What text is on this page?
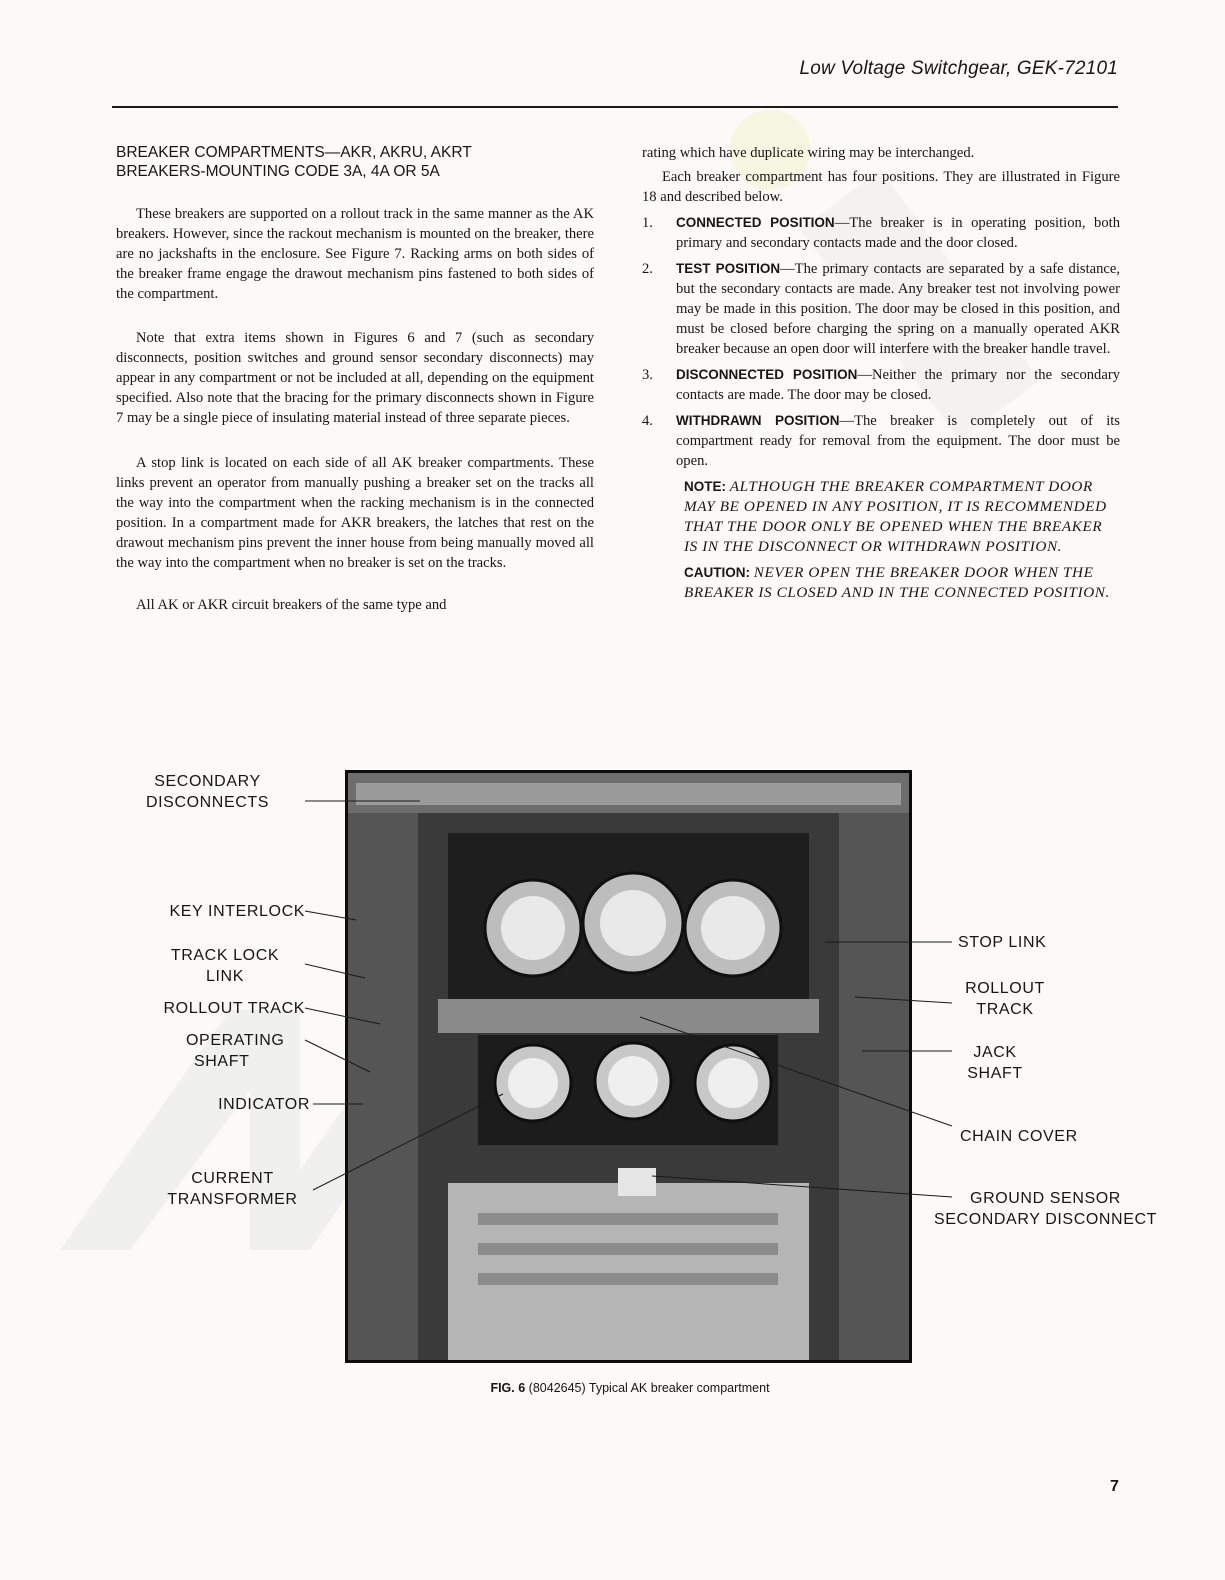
Low Voltage Switchgear, GEK-72101

BREAKER COMPARTMENTS—AKR, AKRU, AKRT

BREAKERS-MOUNTING CODE 3A, 4A OR 5A

These breakers are supported on a rollout track in the same manner as the AK breakers. However, since the rackout mechanism is mounted on the breaker, there are no jackshafts in the enclosure. See Figure 7. Racking arms on both sides of the breaker frame engage the drawout mechanism pins fastened to both sides of the compartment.

Note that extra items shown in Figures 6 and 7 (such as secondary disconnects, position switches and ground sensor secondary disconnects) may appear in any compartment or not be included at all, depending on the equipment specified. Also note that the bracing for the primary disconnects shown in Figure 7 may be a single piece of insulating material instead of three separate pieces.

A stop link is located on each side of all AK breaker compartments. These links prevent an operator from manually pushing a breaker set on the tracks all the way into the compartment when the racking mechanism is in the connected position. In a compartment made for AKR breakers, the latches that rest on the drawout mechanism pins prevent the inner house from being manually moved all the way into the compartment when no breaker is set on the tracks.

All AK or AKR circuit breakers of the same type and

rating which have duplicate wiring may be interchanged.

Each breaker compartment has four positions. They are illustrated in Figure 18 and described below.

1.	CONNECTED POSITION—The breaker is in operating position, both primary and secondary contacts made and the door closed.

2.	TEST POSITION—The primary contacts are separated by a safe distance, but the secondary contacts are made. Any breaker test not involving power may be made in this position. The door may be closed in this position, and must be closed before charging the spring on a manually operated AKR breaker because an open door will interfere with the breaker handle travel.

3.	DISCONNECTED POSITION—Neither the primary nor the secondary contacts are made. The door may be closed.

4.	WITHDRAWN POSITION—The breaker is completely out of its compartment ready for removal from the equipment. The door must be open.

NOTE: ALTHOUGH THE BREAKER COMPARTMENT DOOR MAY BE OPENED IN ANY POSITION, IT IS RECOMMENDED THAT THE DOOR ONLY BE OPENED WHEN THE BREAKER IS IN THE DISCONNECT OR WITHDRAWN POSITION.

CAUTION: NEVER OPEN THE BREAKER DOOR WHEN THE BREAKER IS CLOSED AND IN THE CONNECTED POSITION.

SECONDARY
DISCONNECTS
KEY INTERLOCK
TRACK LOCK
LINK
ROLLOUT TRACK
OPERATING
SHAFT
INDICATOR
CURRENT
TRANSFORMER
STOP LINK
ROLLOUT
TRACK
JACK
SHAFT
CHAIN COVER
GROUND SENSOR
SECONDARY DISCONNECT
FIG. 6 (8042645) Typical AK breaker compartment
7
